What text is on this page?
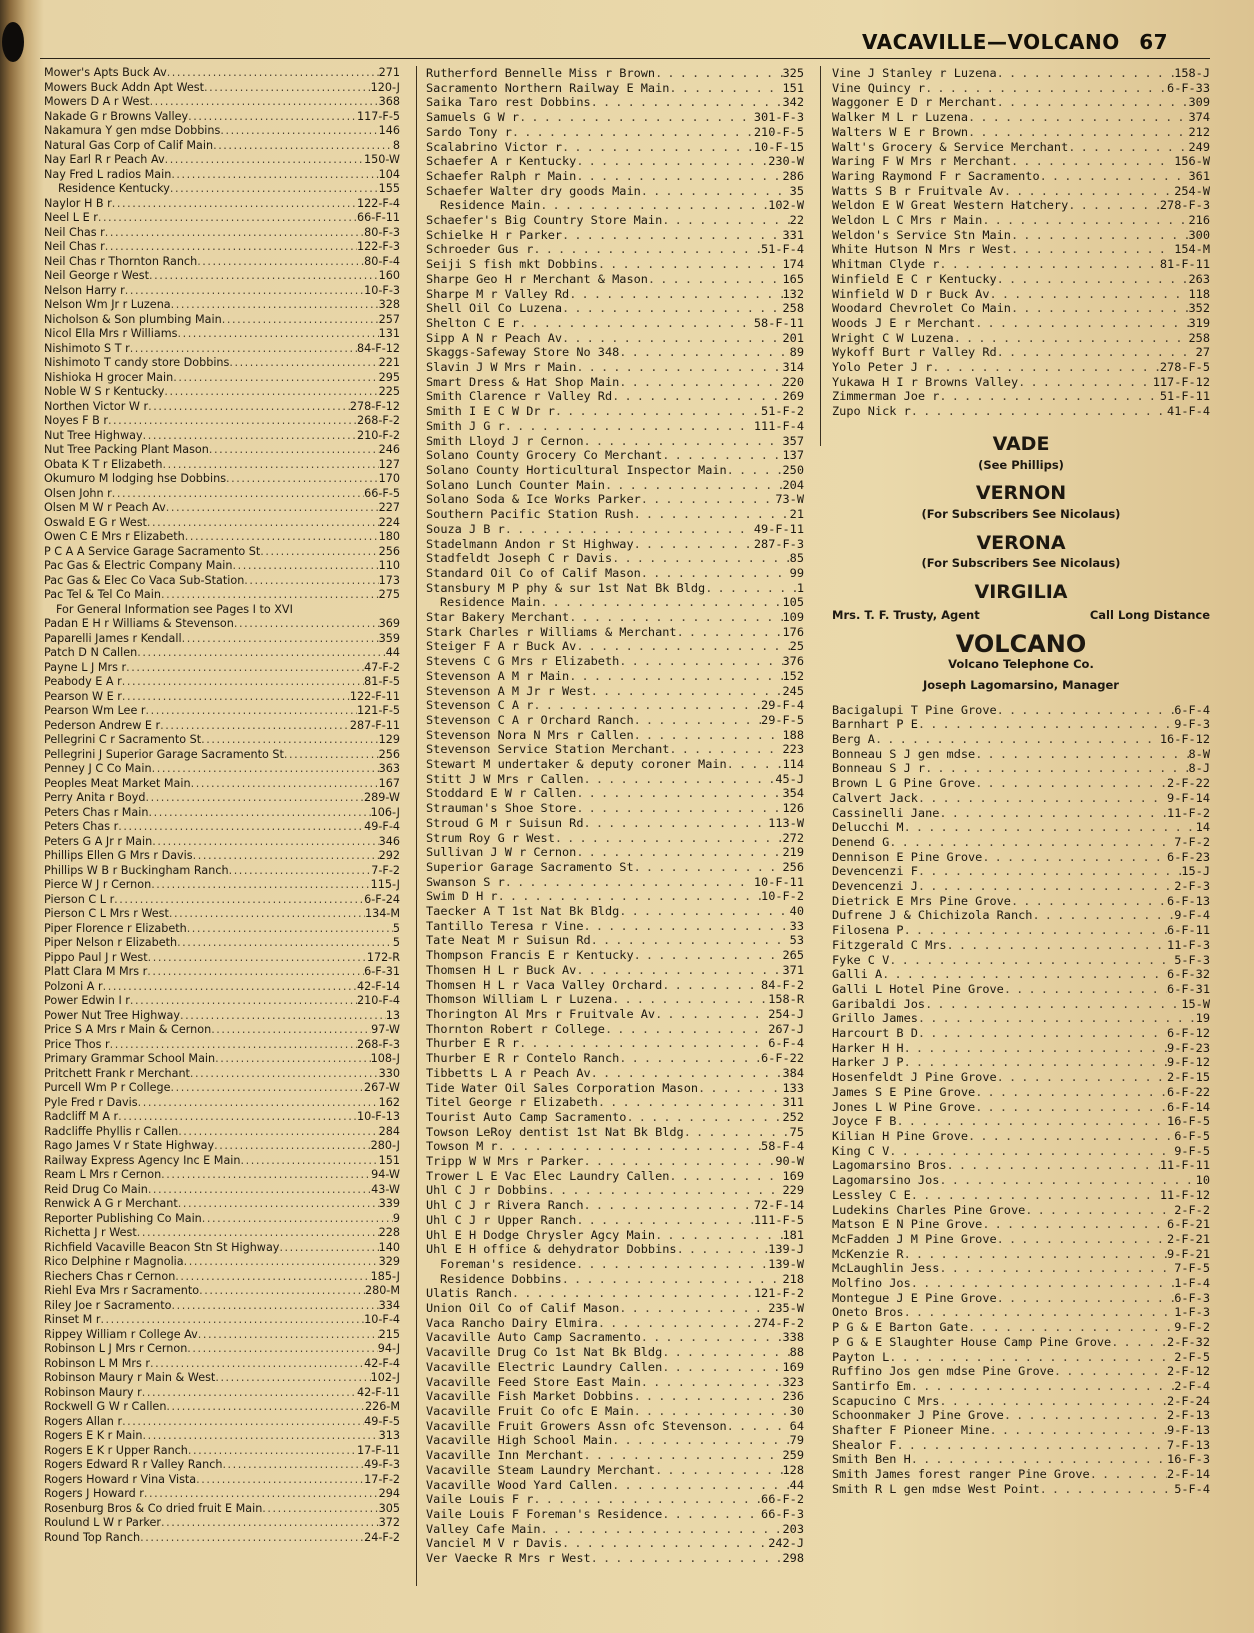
VACAVILLE—VOLCANO 67
Mower's Apts Buck Av . . .	271
Mowers Buck Addn Apt West . . .	120-J
Mowers D A r West . . .	368
Nakade G r Browns Valley . . .	117-F-5
Nakamura Y gen mdse Dobbins . . .	146
Natural Gas Corp of Calif Main . . .	8
Nay Earl R r Peach Av . . .	150-W
Nay Fred L radios Main . . .	104
Residence Kentucky . . .	155
Naylor H B r . . .	122-F-4
Neel L E r . . .	66-F-11
Neil Chas r . . .	80-F-3
Neil Chas r . . .	122-F-3
Neil Chas r Thornton Ranch . . .	80-F-4
Neil George r West . . .	160
Nelson Harry r . . .	10-F-3
Nelson Wm Jr r Luzena . . .	328
Nicholson & Son plumbing Main . . .	257
Nicol Ella Mrs r Williams . . .	131
Nishimoto S T r . . .	84-F-12
Nishimoto T candy store Dobbins . . .	221
Nishioka H grocer Main . . .	295
Noble W S r Kentucky . . .	225
Northen Victor W r . . .	278-F-12
Noyes F B r . . .	268-F-2
Nut Tree Highway . . .	210-F-2
Nut Tree Packing Plant Mason . . .	246
Obata K T r Elizabeth . . .	127
Okumuro M lodging hse Dobbins . . .	170
Olsen John r . . .	66-F-5
Olsen M W r Peach Av . . .	227
Oswald E G r West . . .	224
Owen C E Mrs r Elizabeth . . .	180
P C A A Service Garage Sacramento St . . .	256
Pac Gas & Electric Company Main . . .	110
Pac Gas & Elec Co Vaca Sub-Station . . .	173
Pac Tel & Tel Co Main . . .	275
For General Information see Pages I to XVI
Padan E H r Williams & Stevenson . . .	369
Paparelli James r Kendall . . .	359
Patch D N Callen . . .	44
Payne L J Mrs r . . .	47-F-2
Peabody E A r . . .	81-F-5
Pearson W E r . . .	122-F-11
Pearson Wm Lee r . . .	121-F-5
Pederson Andrew E r . . .	287-F-11
Pellegrini C r Sacramento St . . .	129
Pellegrini J Superior Garage Sacramento St . . .	256
Penney J C Co Main . . .	363
Peoples Meat Market Main . . .	167
Perry Anita r Boyd . . .	289-W
Peters Chas r Main . . .	106-J
Peters Chas r . . .	49-F-4
Peters G A Jr r Main . . .	346
Phillips Ellen G Mrs r Davis . . .	292
Phillips W B r Buckingham Ranch . . .	7-F-2
Pierce W J r Cernon . . .	115-J
Pierson C L r . . .	6-F-24
Pierson C L Mrs r West . . .	134-M
Piper Florence r Elizabeth . . .	5
Piper Nelson r Elizabeth . . .	5
Pippo Paul J r West . . .	172-R
Platt Clara M Mrs r . . .	6-F-31
Polzoni A r . . .	42-F-14
Power Edwin I r . . .	210-F-4
Power Nut Tree Highway . . .	13
Price S A Mrs r Main & Cernon . . .	97-W
Price Thos r . . .	268-F-3
Primary Grammar School Main . . .	108-J
Pritchett Frank r Merchant . . .	330
Purcell Wm P r College . . .	267-W
Pyle Fred r Davis . . .	162
Radcliff M A r . . .	10-F-13
Radcliffe Phyllis r Callen . . .	284
Rago James V r State Highway . . .	280-J
Railway Express Agency Inc E Main . . .	151
Ream L Mrs r Cernon . . .	94-W
Reid Drug Co Main . . .	43-W
Renwick A G r Merchant . . .	339
Reporter Publishing Co Main . . .	9
Richetta J r West . . .	228
Richfield Vacaville Beacon Stn St Highway . . .	140
Rico Delphine r Magnolia . . .	329
Riechers Chas r Cernon . . .	185-J
Riehl Eva Mrs r Sacramento . . .	280-M
Riley Joe r Sacramento . . .	334
Rinset M r . . .	10-F-4
Rippey William r College Av . . .	215
Robinson L J Mrs r Cernon . . .	94-J
Robinson L M Mrs r . . .	42-F-4
Robinson Maury r Main & West . . .	102-J
Robinson Maury r . . .	42-F-11
Rockwell G W r Callen . . .	226-M
Rogers Allan r . . .	49-F-5
Rogers E K r Main . . .	313
Rogers E K r Upper Ranch . . .	17-F-11
Rogers Edward R r Valley Ranch . . .	49-F-3
Rogers Howard r Vina Vista . . .	17-F-2
Rogers J Howard r . . .	294
Rosenburg Bros & Co dried fruit E Main . . .	305
Roulund L W r Parker . . .	372
Round Top Ranch . . .	24-F-2
Rutherford Bennelle Miss r Brown . . .	325
Sacramento Northern Railway E Main . . .	151
Saika Taro rest Dobbins . . .	342
Samuels G W r . . .	301-F-3
Sardo Tony r . . .	210-F-5
Scalabrino Victor r . . .	10-F-15
Schaefer A r Kentucky . . .	230-W
Schaefer Ralph r Main . . .	286
Schaefer Walter dry goods Main . . .	35
Residence Main . . .	102-W
Schaefer's Big Country Store Main . . .	22
Schielke H r Parker . . .	331
Schroeder Gus r . . .	51-F-4
Seiji S fish mkt Dobbins . . .	174
Sharpe Geo H r Merchant & Mason . . .	165
Sharpe M r Valley Rd . . .	132
Shell Oil Co Luzena . . .	258
Shelton C E r . . .	58-F-11
Sipp A N r Peach Av . . .	201
Skaggs-Safeway Store No 348 . . .	89
Slavin J W Mrs r Main . . .	314
Smart Dress & Hat Shop Main . . .	220
Smith Clarence r Valley Rd . . .	269
Smith I E C W Dr r . . .	51-F-2
Smith J G r . . .	111-F-4
Smith Lloyd J r Cernon . . .	357
Solano County Grocery Co Merchant . . .	137
Solano County Horticultural Inspector Main . . .	250
Solano Lunch Counter Main . . .	204
Solano Soda & Ice Works Parker . . .	73-W
Southern Pacific Station Rush . . .	21
Souza J B r . . .	49-F-11
Stadelmann Andon r St Highway . . .	287-F-3
Stadfeldt Joseph C r Davis . . .	85
Standard Oil Co of Calif Mason . . .	99
Stansbury M P phy & sur 1st Nat Bk Bldg . . .	1
Residence Main . . .	105
Star Bakery Merchant . . .	109
Stark Charles r Williams & Merchant . . .	176
Steiger F A r Buck Av . . .	25
Stevens C G Mrs r Elizabeth . . .	376
Stevenson A M r Main . . .	152
Stevenson A M Jr r West . . .	245
Stevenson C A r . . .	29-F-4
Stevenson C A r Orchard Ranch . . .	29-F-5
Stevenson Nora N Mrs r Callen . . .	188
Stevenson Service Station Merchant . . .	223
Stewart M undertaker & deputy coroner Main . . .	114
Stitt J W Mrs r Callen . . .	45-J
Stoddard E W r Callen . . .	354
Strauman's Shoe Store . . .	126
Stroud G M r Suisun Rd . . .	113-W
Strum Roy G r West . . .	272
Sullivan J W r Cernon . . .	219
Superior Garage Sacramento St . . .	256
Swanson S r . . .	10-F-11
Swim D H r . . .	10-F-2
Taecker A T 1st Nat Bk Bldg . . .	40
Tantillo Teresa r Vine . . .	33
Tate Neat M r Suisun Rd . . .	53
Thompson Francis E r Kentucky . . .	265
Thomsen H L r Buck Av . . .	371
Thomsen H L r Vaca Valley Orchard . . .	84-F-2
Thomson William L r Luzena . . .	158-R
Thorington Al Mrs r Fruitvale Av . . .	254-J
Thornton Robert r College . . .	267-J
Thurber E R r . . .	6-F-4
Thurber E R r Contelo Ranch . . .	6-F-22
Tibbetts L A r Peach Av . . .	384
Tide Water Oil Sales Corporation Mason . . .	133
Titel George r Elizabeth . . .	311
Tourist Auto Camp Sacramento . . .	252
Towson LeRoy dentist 1st Nat Bk Bldg . . .	75
Towson M r . . .	58-F-4
Tripp W W Mrs r Parker . . .	90-W
Trower L E Vac Elec Laundry Callen . . .	169
Uhl C J r Dobbins . . .	229
Uhl C J r Rivera Ranch . . .	72-F-14
Uhl C J r Upper Ranch . . .	111-F-5
Uhl E H Dodge Chrysler Agcy Main . . .	181
Uhl E H office & dehydrator Dobbins . . .	139-J
Foreman's residence . . .	139-W
Residence Dobbins . . .	218
Ulatis Ranch . . .	121-F-2
Union Oil Co of Calif Mason . . .	235-W
Vaca Rancho Dairy Elmira . . .	274-F-2
Vacaville Auto Camp Sacramento . . .	338
Vacaville Drug Co 1st Nat Bk Bldg . . .	88
Vacaville Electric Laundry Callen . . .	169
Vacaville Feed Store East Main . . .	323
Vacaville Fish Market Dobbins . . .	236
Vacaville Fruit Co ofc E Main . . .	30
Vacaville Fruit Growers Assn ofc Stevenson . . .	64
Vacaville High School Main . . .	79
Vacaville Inn Merchant . . .	259
Vacaville Steam Laundry Merchant . . .	128
Vacaville Wood Yard Callen . . .	44
Vaile Louis F r . . .	66-F-2
Vaile Louis F Foreman's Residence . . .	66-F-3
Valley Cafe Main . . .	203
Vanciel M V r Davis . . .	242-J
Ver Vaecke R Mrs r West . . .	298
Vine J Stanley r Luzena . . .	158-J
Vine Quincy r . . .	6-F-33
Waggoner E D r Merchant . . .	309
Walker M L r Luzena . . .	374
Walters W E r Brown . . .	212
Walt's Grocery & Service Merchant . . .	249
Waring F W Mrs r Merchant . . .	156-W
Waring Raymond F r Sacramento . . .	361
Watts S B r Fruitvale Av . . .	254-W
Weldon E W Great Western Hatchery . . .	278-F-3
Weldon L C Mrs r Main . . .	216
Weldon's Service Stn Main . . .	300
White Hutson N Mrs r West . . .	154-M
Whitman Clyde r . . .	81-F-11
Winfield E C r Kentucky . . .	263
Winfield W D r Buck Av . . .	118
Woodard Chevrolet Co Main . . .	352
Woods J E r Merchant . . .	319
Wright C W Luzena . . .	258
Wykoff Burt r Valley Rd . . .	27
Yolo Peter J r . . .	278-F-5
Yukawa H I r Browns Valley . . .	117-F-12
Zimmerman Joe r . . .	51-F-11
Zupo Nick r . . .	41-F-4
VADE
(See Phillips)
VERNON
(For Subscribers See Nicolaus)
VERONA
(For Subscribers See Nicolaus)
VIRGILIA
Mrs. T. F. Trusty, Agent	Call Long Distance
VOLCANO
Volcano Telephone Co.
Joseph Lagomarsino, Manager
Bacigalupi T Pine Grove . . .	6-F-4
Barnhart P E . . .	9-F-3
Berg A . . .	16-F-12
Bonneau S J gen mdse . . .	8-W
Bonneau S J r . . .	8-J
Brown L G Pine Grove . . .	2-F-22
Calvert Jack . . .	9-F-14
Cassinelli Jane . . .	11-F-2
Delucchi M . . .	14
Denend G . . .	7-F-2
Dennison E Pine Grove . . .	6-F-23
Devencenzi F . . .	15-J
Devencenzi J . . .	2-F-3
Dietrick E Mrs Pine Grove . . .	6-F-13
Dufrene J & Chichizola Ranch . . .	9-F-4
Filosena P . . .	6-F-11
Fitzgerald C Mrs . . .	11-F-3
Fyke C V . . .	5-F-3
Galli A . . .	6-F-32
Galli L Hotel Pine Grove . . .	6-F-31
Garibaldi Jos . . .	15-W
Grillo James . . .	19
Harcourt B D . . .	6-F-12
Harker H H . . .	9-F-23
Harker J P . . .	9-F-12
Hosenfeldt J Pine Grove . . .	2-F-15
James S E Pine Grove . . .	6-F-22
Jones L W Pine Grove . . .	6-F-14
Joyce F B . . .	16-F-5
Kilian H Pine Grove . . .	6-F-5
King C V . . .	9-F-5
Lagomarsino Bros . . .	11-F-11
Lagomarsino Jos . . .	10
Lessley C E . . .	11-F-12
Ludekins Charles Pine Grove . . .	2-F-2
Matson E N Pine Grove . . .	6-F-21
McFadden J M Pine Grove . . .	2-F-21
McKenzie R . . .	9-F-21
McLaughlin Jess . . .	7-F-5
Molfino Jos . . .	1-F-4
Montegue J E Pine Grove . . .	6-F-3
Oneto Bros . . .	1-F-3
P G & E Barton Gate . . .	9-F-2
P G & E Slaughter House Camp Pine Grove . . .	2-F-32
Payton L . . .	2-F-5
Ruffino Jos gen mdse Pine Grove . . .	2-F-12
Santirfo Em . . .	2-F-4
Scapucino C Mrs . . .	2-F-24
Schoonmaker J Pine Grove . . .	2-F-13
Shafter F Pioneer Mine . . .	9-F-13
Shealor F . . .	7-F-13
Smith Ben H . . .	16-F-3
Smith James forest ranger Pine Grove . . .	2-F-14
Smith R L gen mdse West Point . . .	5-F-4
